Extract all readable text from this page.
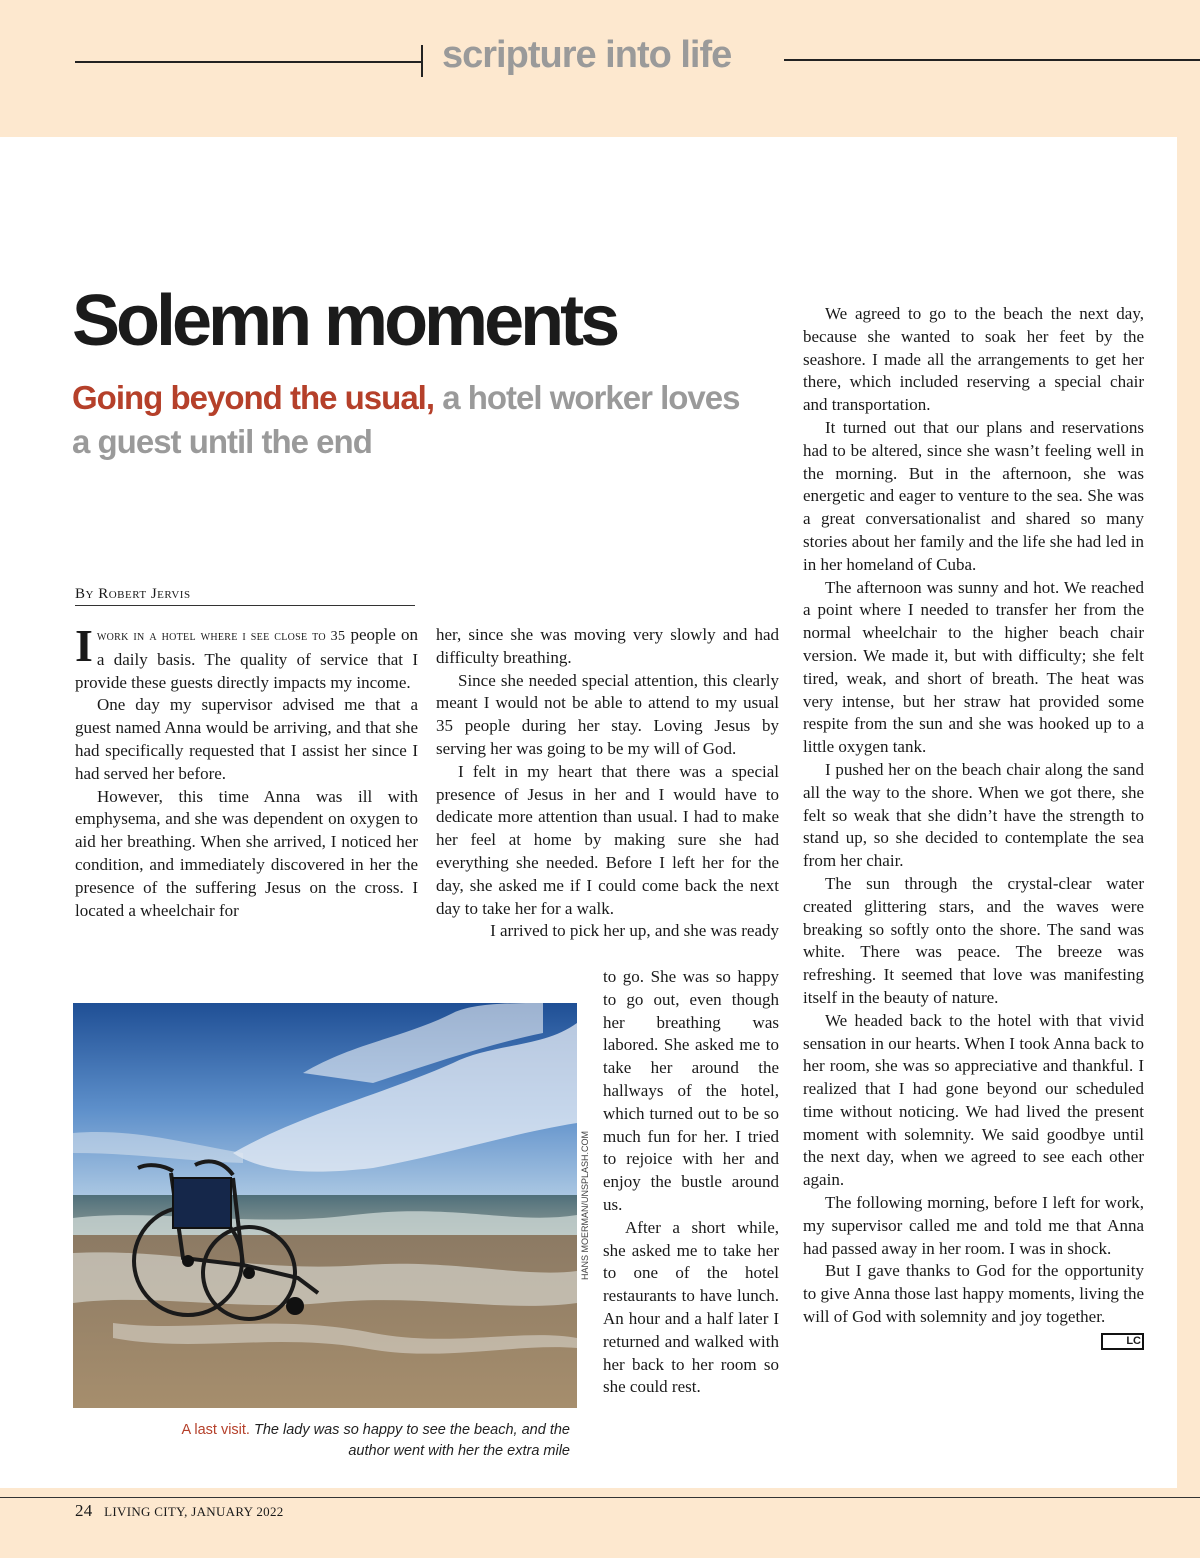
scripture into life
Solemn moments
Going beyond the usual, a hotel worker loves a guest until the end
By Robert Jervis

Iwork in a hotel where i see close to 35 people on a daily basis. The quality of service that I provide these guests directly impacts my income.

One day my supervisor advised me that a guest named Anna would be arriving, and that she had specifically requested that I assist her since I had served her before.

However, this time Anna was ill with emphysema, and she was dependent on oxygen to aid her breathing. When she arrived, I noticed her condition, and immediately discovered in her the presence of the suffering Jesus on the cross. I located a wheelchair for

her, since she was moving very slowly and had difficulty breathing.

Since she needed special attention, this clearly meant I would not be able to attend to my usual 35 people during her stay. Loving Jesus by serving her was going to be my will of God.

I felt in my heart that there was a special presence of Jesus in her and I would have to dedicate more attention than usual. I had to make her feel at home by making sure she had everything she needed. Before I left her for the day, she asked me if I could come back the next day to take her for a walk.

I arrived to pick her up, and she was ready

to go. She was so happy to go out, even though her breathing was labored. She asked me to take her around the hallways of the hotel, which turned out to be so much fun for her. I tried to rejoice with her and enjoy the bustle around us.

After a short while, she asked me to take her to one of the hotel restaurants to have lunch. An hour and a half later I returned and walked with her back to her room so she could rest.

We agreed to go to the beach the next day, because she wanted to soak her feet by the seashore. I made all the arrangements to get her there, which included reserving a special chair and transportation.

It turned out that our plans and reservations had to be altered, since she wasn’t feeling well in the morning. But in the afternoon, she was energetic and eager to venture to the sea. She was a great conversationalist and shared so many stories about her family and the life she had led in in her homeland of Cuba.

The afternoon was sunny and hot. We reached a point where I needed to transfer her from the normal wheelchair to the higher beach chair version. We made it, but with difficulty; she felt tired, weak, and short of breath. The heat was very intense, but her straw hat provided some respite from the sun and she was hooked up to a little oxygen tank.

I pushed her on the beach chair along the sand all the way to the shore. When we got there, she felt so weak that she didn’t have the strength to stand up, so she decided to contemplate the sea from her chair.

The sun through the crystal-clear water created glittering stars, and the waves were breaking so softly onto the shore. The sand was white. There was peace. The breeze was refreshing. It seemed that love was manifesting itself in the beauty of nature.

We headed back to the hotel with that vivid sensation in our hearts. When I took Anna back to her room, she was so appreciative and thankful. I realized that I had gone beyond our scheduled time without noticing. We had lived the present moment with solemnity. We said goodbye until the next day, when we agreed to see each other again.

The following morning, before I left for work, my supervisor called me and told me that Anna had passed away in her room. I was in shock.

But I gave thanks to God for the opportunity to give Anna those last happy moments, living the will of God with solemnity and joy together.
LC

HANS MOERMAN/UNSPLASH.COM
A last visit. The lady was so happy to see the beach, and the author went with her the extra mile
24 LIVING CITY, JANUARY 2022
